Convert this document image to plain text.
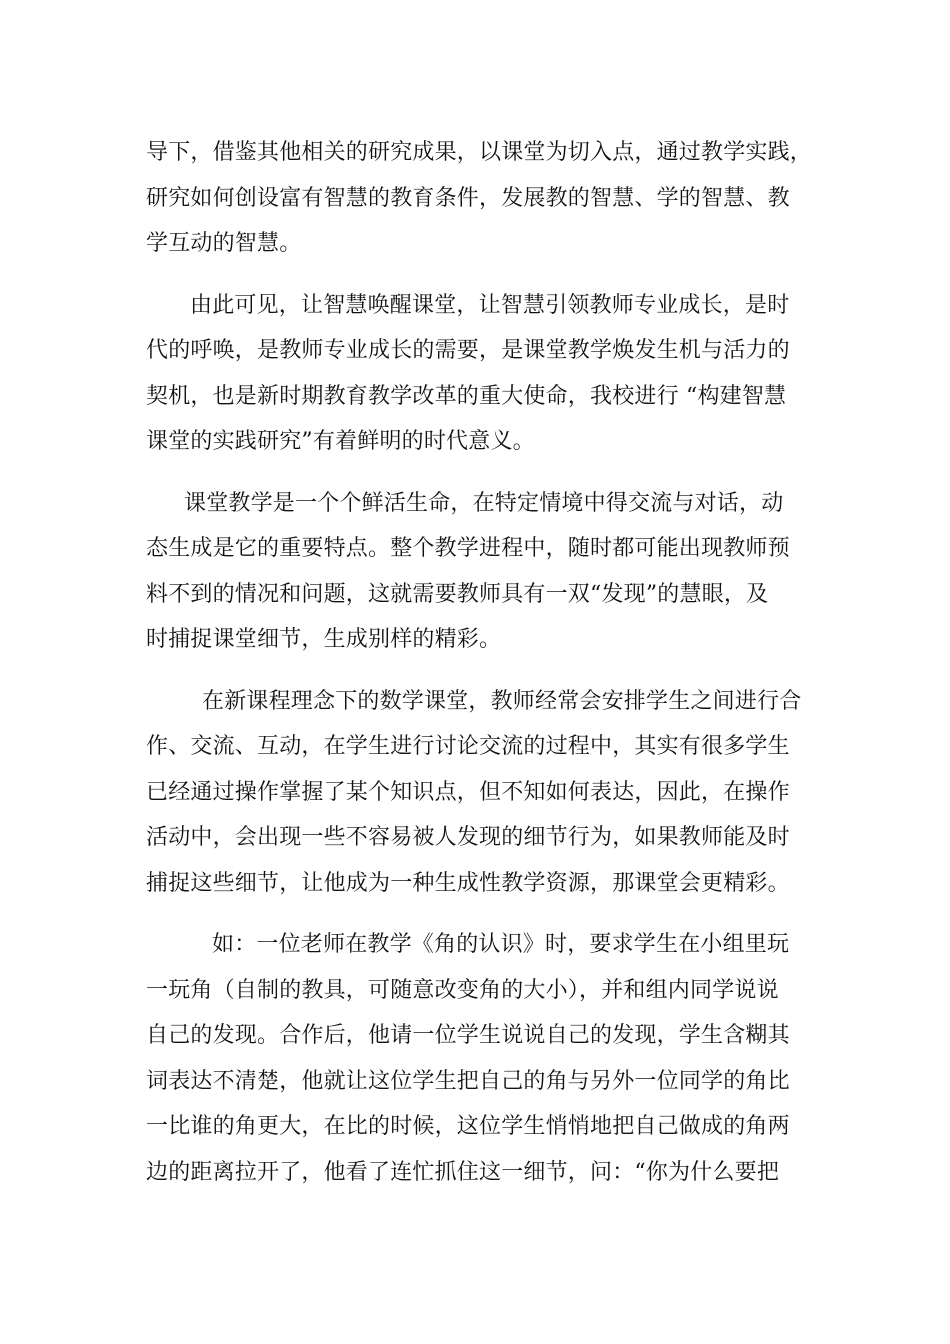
导下，借鉴其他相关的研究成果，以课堂为切入点，通过教学实践，
研究如何创设富有智慧的教育条件，发展教的智慧、学的智慧、教
学互动的智慧。
由此可见，让智慧唤醒课堂，让智慧引领教师专业成长，是时
代的呼唤，是教师专业成长的需要，是课堂教学焕发生机与活力的
契机，也是新时期教育教学改革的重大使命，我校进行 “构建智慧
课堂的实践研究”有着鲜明的时代意义。
课堂教学是一个个鲜活生命，在特定情境中得交流与对话，动
态生成是它的重要特点。整个教学进程中，随时都可能出现教师预
料不到的情况和问题，这就需要教师具有一双“发现”的慧眼，及
时捕捉课堂细节，生成别样的精彩。
在新课程理念下的数学课堂，教师经常会安排学生之间进行合
作、交流、互动，在学生进行讨论交流的过程中，其实有很多学生
已经通过操作掌握了某个知识点，但不知如何表达，因此，在操作
活动中，会出现一些不容易被人发现的细节行为，如果教师能及时
捕捉这些细节，让他成为一种生成性教学资源，那课堂会更精彩。
如：一位老师在教学《角的认识》时，要求学生在小组里玩
一玩角（自制的教具，可随意改变角的大小），并和组内同学说说
自己的发现。合作后，他请一位学生说说自己的发现，学生含糊其
词表达不清楚，他就让这位学生把自己的角与另外一位同学的角比
一比谁的角更大，在比的时候，这位学生悄悄地把自己做成的角两
边的距离拉开了，他看了连忙抓住这一细节，问：“你为什么要把
